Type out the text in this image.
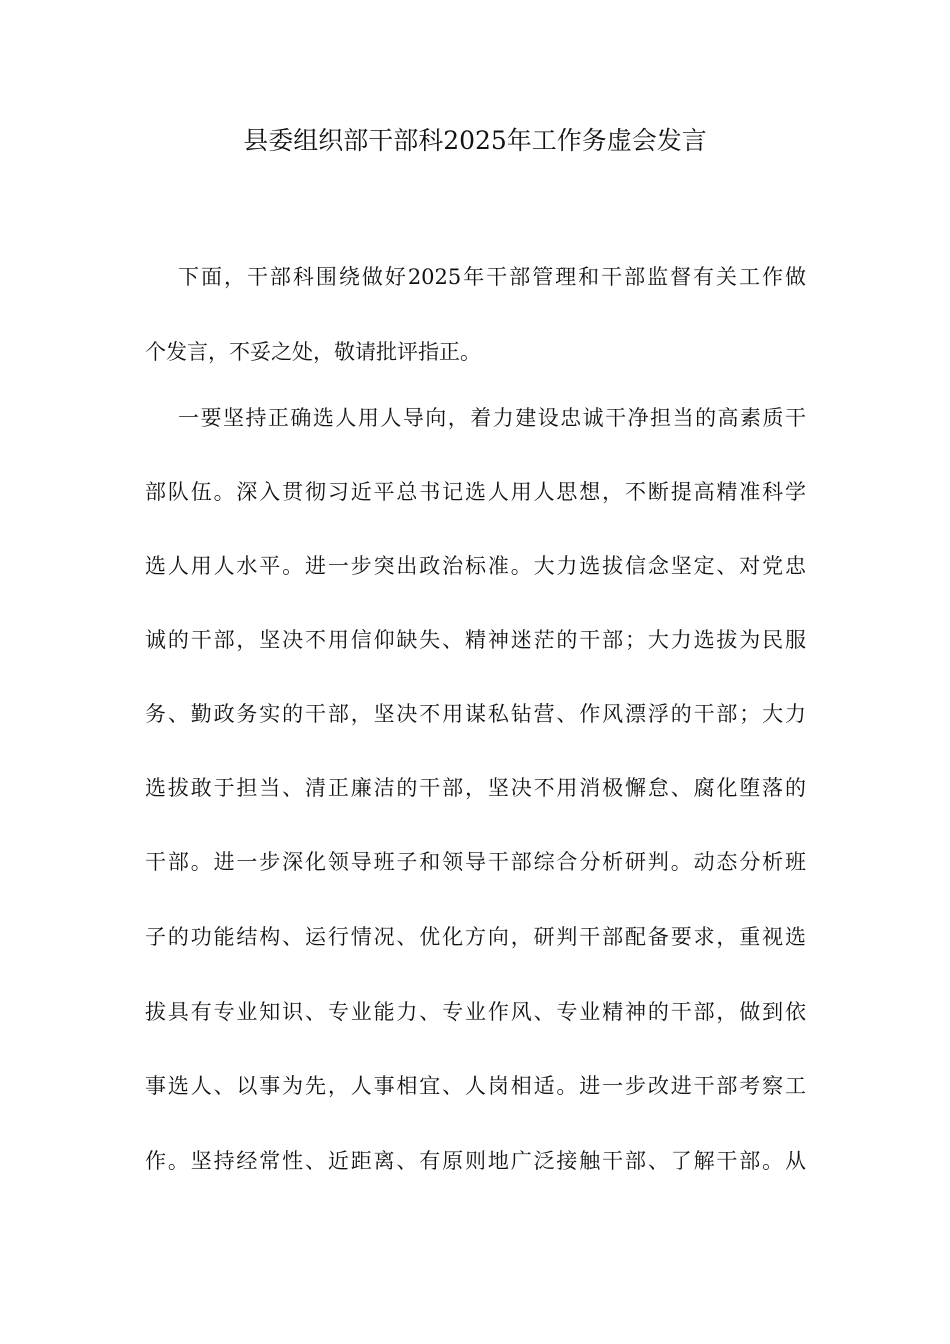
县委组织部干部科2025年工作务虚会发言
下面，干部科围绕做好2025年干部管理和干部监督有关工作做
个发言，不妥之处，敬请批评指正。
一要坚持正确选人用人导向，着力建设忠诚干净担当的高素质干
部队伍。深入贯彻习近平总书记选人用人思想，不断提高精准科学
选人用人水平。进一步突出政治标准。大力选拔信念坚定、对党忠
诚的干部，坚决不用信仰缺失、精神迷茫的干部；大力选拔为民服
务、勤政务实的干部，坚决不用谋私钻营、作风漂浮的干部；大力
选拔敢于担当、清正廉洁的干部，坚决不用消极懈怠、腐化堕落的
干部。进一步深化领导班子和领导干部综合分析研判。动态分析班
子的功能结构、运行情况、优化方向，研判干部配备要求，重视选
拔具有专业知识、专业能力、专业作风、专业精神的干部，做到依
事选人、以事为先，人事相宜、人岗相适。进一步改进干部考察工
作。坚持经常性、近距离、有原则地广泛接触干部、了解干部。从
